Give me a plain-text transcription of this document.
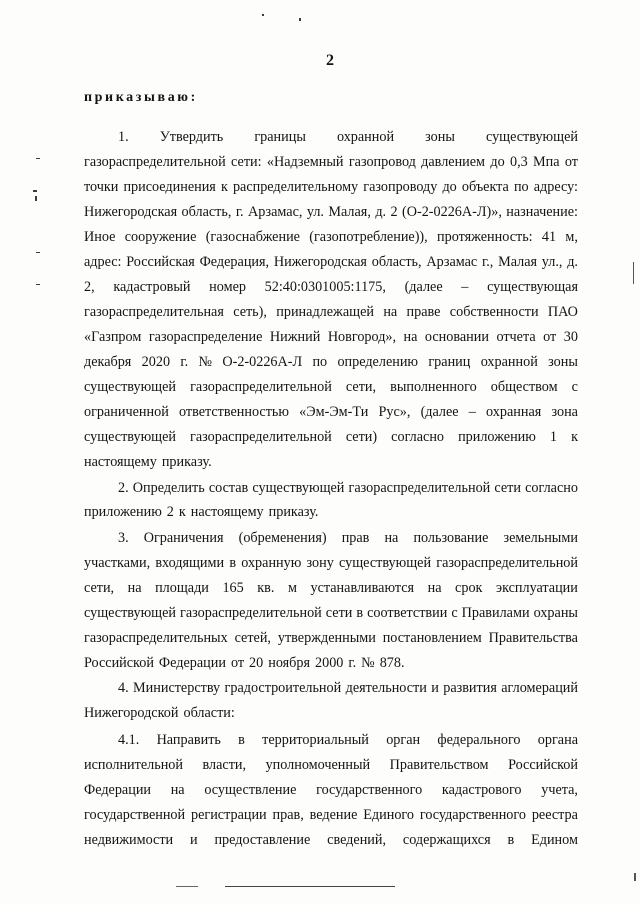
2
приказываю:
1. Утвердить границы охранной зоны существующей
газораспределительной сети: «Надземный газопровод давлением до 0,3 Мпа от
точки присоединения к распределительному газопроводу до объекта по адресу:
Нижегородская область, г. Арзамас, ул. Малая, д. 2 (О-2-0226А-Л)», назначение:
Иное сооружение (газоснабжение (газопотребление)), протяженность: 41 м,
адрес: Российская Федерация, Нижегородская область, Арзамас г., Малая ул., д.
2, кадастровый номер 52:40:0301005:1175, (далее – существующая
газораспределительная сеть), принадлежащей на праве собственности ПАО
«Газпром газораспределение Нижний Новгород», на основании отчета от 30
декабря 2020 г. № О-2-0226А-Л по определению границ охранной зоны
существующей газораспределительной сети, выполненного обществом с
ограниченной ответственностью «Эм-Эм-Ти Рус», (далее – охранная зона
существующей газораспределительной сети) согласно приложению 1 к
настоящему приказу.
2. Определить состав существующей газораспределительной сети согласно
приложению 2 к настоящему приказу.
3. Ограничения (обременения) прав на пользование земельными
участками, входящими в охранную зону существующей газораспределительной
сети, на площади 165 кв. м устанавливаются на срок эксплуатации
существующей газораспределительной сети в соответствии с Правилами охраны
газораспределительных сетей, утвержденными постановлением Правительства
Российской Федерации от 20 ноября 2000 г. № 878.
4. Министерству градостроительной деятельности и развития агломераций
Нижегородской области:
4.1. Направить в территориальный орган федерального органа
исполнительной власти, уполномоченный Правительством Российской
Федерации на осуществление государственного кадастрового учета,
государственной регистрации прав, ведение Единого государственного реестра
недвижимости и предоставление сведений, содержащихся в Едином
